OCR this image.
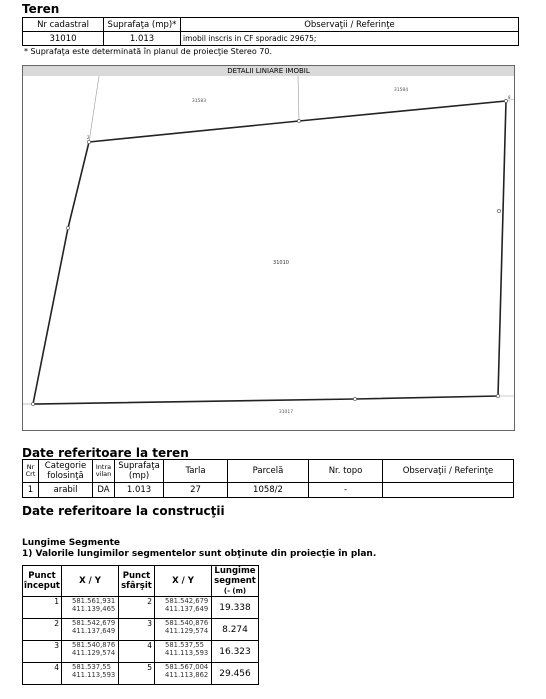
Teren
Nr cadastral	Suprafaţa (mp)*	Observaţii / Referinţe
31010	1.013	imobil inscris in CF sporadic 29675;
* Suprafaţa este determinată în planul de proiecţie Stereo 70.
DETALII LINIARE IMOBIL
31583
31584
31010
31017
2
8
Date referitoare la teren
Nr Crt	Categorie folosinţă	Intra vilan	Suprafaţa (mp)	Tarla	Parcelă	Nr. topo	Observaţii / Referinţe
1	arabil	DA	1.013	27	1058/2	-	
Date referitoare la construcţii
Lungime Segmente
1) Valorile lungimilor segmentelor sunt obţinute din proiecţie în plan.
Punct început	X / Y	Punct sfârşit	X / Y	Lungime segment
(- (m)
1	581.561,931
411.139,465	2	581.542,679
411.137,649	19.338
2	581.542,679
411.137,649	3	581.540,876
411.129,574	8.274
3	581.540,876
411.129,574	4	581.537,55
411.113,593	16.323
4	581.537,55
411.113,593	5	581.567,004
411.113,862	29.456
